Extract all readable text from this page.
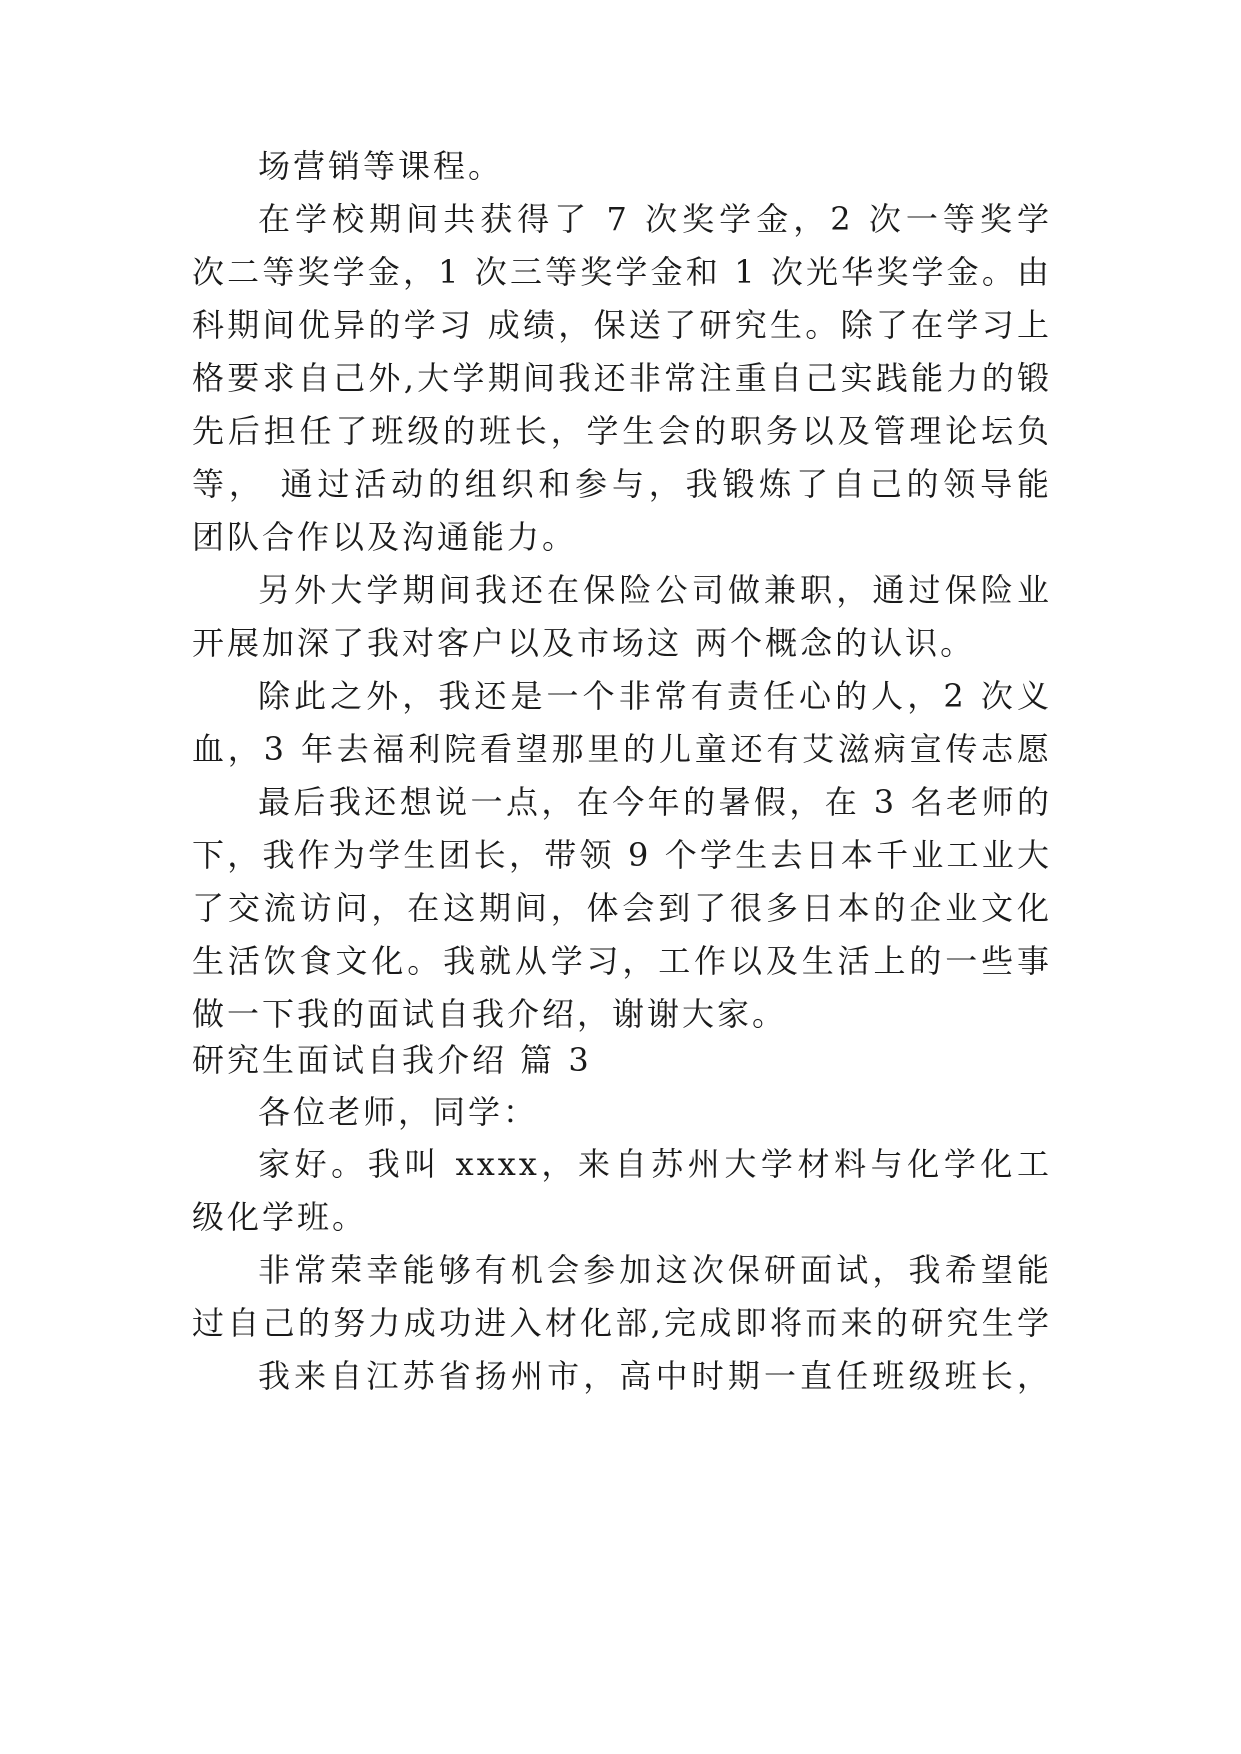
场营销等课程。
在学校期间共获得了 7 次奖学金，2 次一等奖学
次二等奖学金，1 次三等奖学金和 1 次光华奖学金。由
科期间优异的学习 成绩，保送了研究生。除了在学习上
格要求自己外,大学期间我还非常注重自己实践能力的锻
先后担任了班级的班长，学生会的职务以及管理论坛负
等， 通过活动的组织和参与，我锻炼了自己的领导能
团队合作以及沟通能力。
另外大学期间我还在保险公司做兼职，通过保险业
开展加深了我对客户以及市场这 两个概念的认识。
除此之外，我还是一个非常有责任心的人，2 次义
血，3 年去福利院看望那里的儿童还有艾滋病宣传志愿
最后我还想说一点，在今年的暑假，在 3 名老师的
下，我作为学生团长，带领 9 个学生去日本千业工业大
了交流访问，在这期间，体会到了很多日本的企业文化
生活饮食文化。我就从学习，工作以及生活上的一些事
做一下我的面试自我介绍，谢谢大家。
研究生面试自我介绍 篇 3
各位老师，同学：
家好。我叫 xxxx，来自苏州大学材料与化学化工
级化学班。
非常荣幸能够有机会参加这次保研面试，我希望能
过自己的努力成功进入材化部,完成即将而来的研究生学
我来自江苏省扬州市，高中时期一直任班级班长，
